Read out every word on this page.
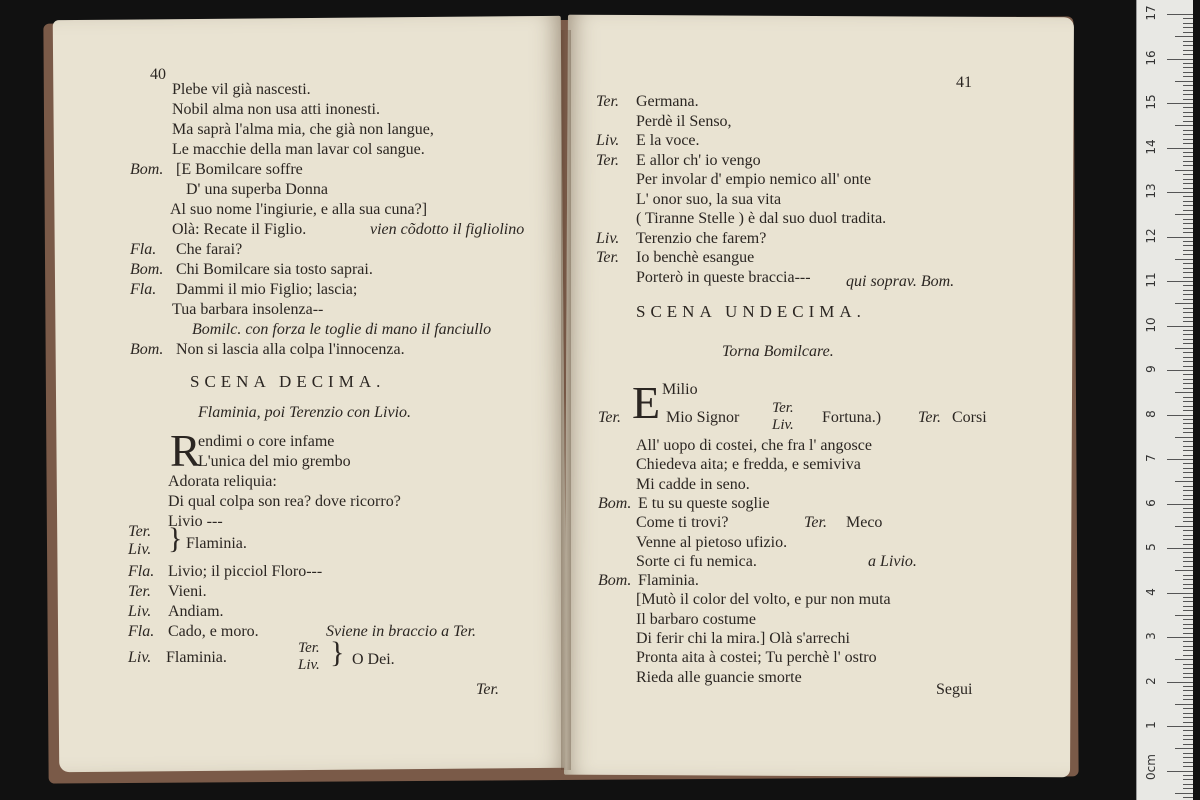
40
Plebe vil già nascesti.
Nobil alma non usa atti inonesti.
Ma saprà l'alma mia, che già non langue,
Le macchie della man lavar col sangue.
Bom. [E Bomilcare soffre
D' una superba Donna
Al suo nome l'ingiurie, e alla sua cuna?]
Olà: Recate il Figlio.	vien cõdotto il figliolino
Fla. Che farai?
Bom. Chi Bomilcare sia tosto saprai.
Fla. Dammi il mio Figlio; lascia;
Tua barbara insolenza--
Bomilc. con forza le toglie di mano il fanciullo
Bom. Non si lascia alla colpa l'innocenza.
SCENA DECIMA.
Flaminia, poi Terenzio con Livio.
R
endimi o core infame
L'unica del mio grembo
Adorata reliquia:
Di qual colpa son rea? dove ricorro?
Livio ---
Ter.
Liv. } Flaminia.
Fla. Livio; il picciol Floro---
Ter. Vieni.
Liv. Andiam.
Fla. Cado, e moro.	Sviene in braccio a Ter.
Liv. Flaminia.
Ter.
Liv. } O Dei.
Ter.
41
Ter. Germana.
Perdè il Senso,
Liv. E la voce.
Ter. E allor ch' io vengo
Per involar d' empio nemico all' onte
L' onor suo, la sua vita
( Tiranne Stelle ) è dal suo duol tradita.
Liv. Terenzio che farem?
Ter. Io benchè esangue
Porterò in queste braccia--- qui soprav. Bom.
SCENA UNDECIMA.
Torna Bomilcare.
E Milio
Ter.	Mio Signor
Ter.
Liv. Fortuna.) Ter. Corsi
All' uopo di costei, che fra l' angosce
Chiedeva aita; e fredda, e semiviva
Mi cadde in seno.
Bom. E tu su queste soglie
Come ti trovi?	Ter. Meco
Venne al pietoso ufizio.
Sorte ci fu nemica.	a Livio.
Bom. Flaminia.
[Mutò il color del volto, e pur non muta
Il barbaro costume
Di ferir chi la mira.] Olà s'arrechi
Pronta aita à costei; Tu perchè l' ostro
Rieda alle guancie smorte
Segui
17
16
15
14
13
12
11
10
9
8
7
6
5
4
3
2
1
0cm
